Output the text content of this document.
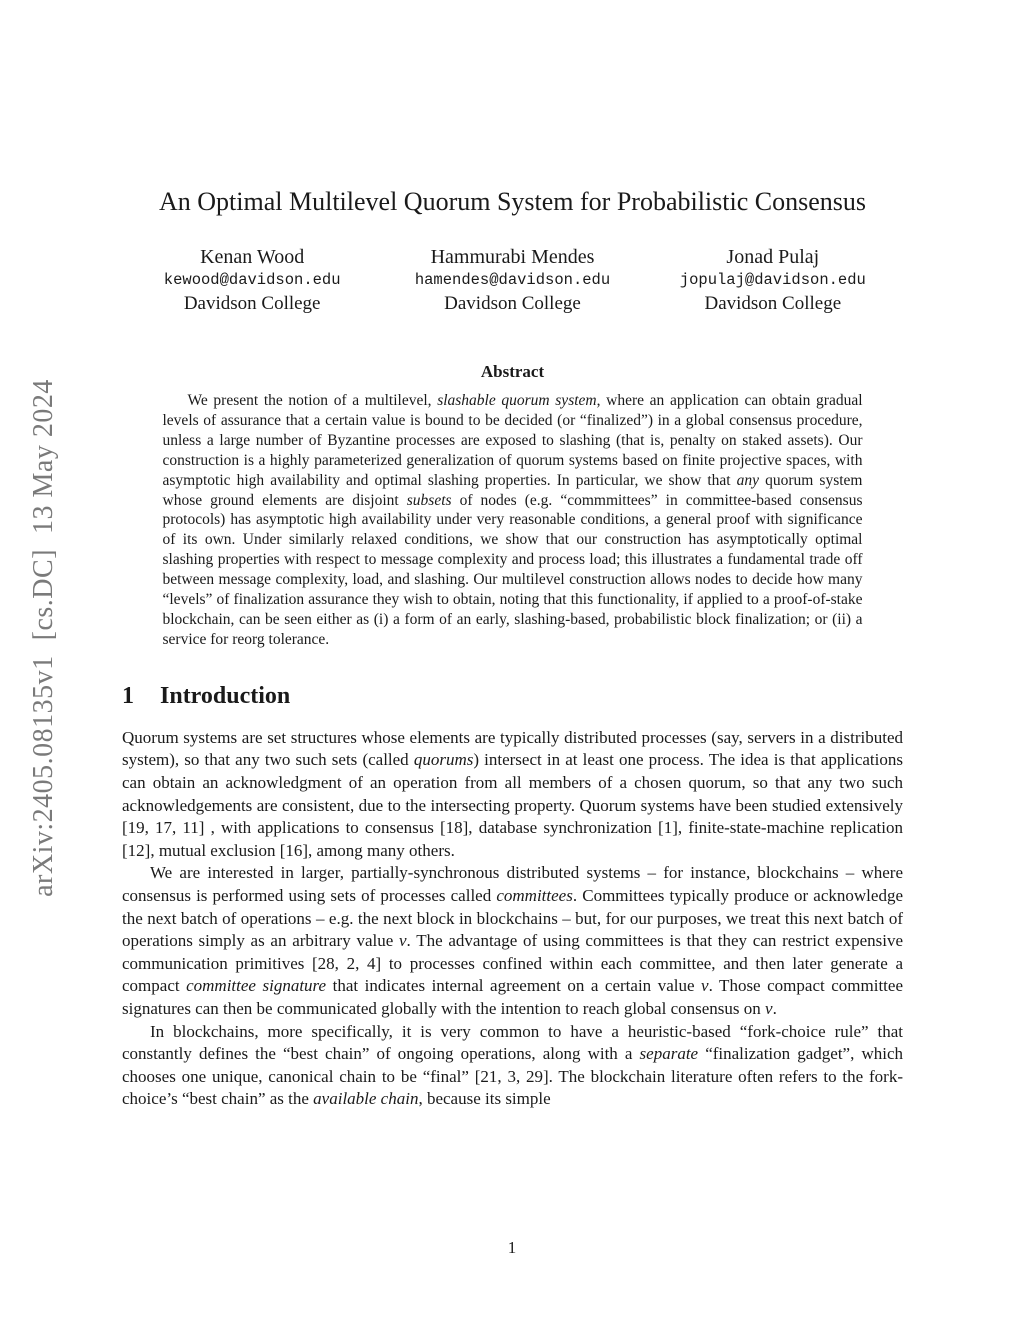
arXiv:2405.08135v1  [cs.DC]  13 May 2024
An Optimal Multilevel Quorum System for Probabilistic Consensus
Kenan Wood
kewood@davidson.edu
Davidson College
Hammurabi Mendes
hamendes@davidson.edu
Davidson College
Jonad Pulaj
jopulaj@davidson.edu
Davidson College
Abstract

We present the notion of a multilevel, slashable quorum system, where an application can obtain gradual levels of assurance that a certain value is bound to be decided (or “finalized”) in a global consensus procedure, unless a large number of Byzantine processes are exposed to slashing (that is, penalty on staked assets). Our construction is a highly parameterized generalization of quorum systems based on finite projective spaces, with asymptotic high availability and optimal slashing properties. In particular, we show that any quorum system whose ground elements are disjoint subsets of nodes (e.g. “commmittees” in committee-based consensus protocols) has asymptotic high availability under very reasonable conditions, a general proof with significance of its own. Under similarly relaxed conditions, we show that our construction has asymptotically optimal slashing properties with respect to message complexity and process load; this illustrates a fundamental trade off between message complexity, load, and slashing. Our multilevel construction allows nodes to decide how many “levels” of finalization assurance they wish to obtain, noting that this functionality, if applied to a proof-of-stake blockchain, can be seen either as (i) a form of an early, slashing-based, probabilistic block finalization; or (ii) a service for reorg tolerance.

1 Introduction

Quorum systems are set structures whose elements are typically distributed processes (say, servers in a distributed system), so that any two such sets (called quorums) intersect in at least one process. The idea is that applications can obtain an acknowledgment of an operation from all members of a chosen quorum, so that any two such acknowledgements are consistent, due to the intersecting property. Quorum systems have been studied extensively [19, 17, 11] , with applications to consensus [18], database synchronization [1], finite-state-machine replication [12], mutual exclusion [16], among many others.

We are interested in larger, partially-synchronous distributed systems – for instance, blockchains – where consensus is performed using sets of processes called committees. Committees typically produce or acknowledge the next batch of operations – e.g. the next block in blockchains – but, for our purposes, we treat this next batch of operations simply as an arbitrary value v. The advantage of using committees is that they can restrict expensive communication primitives [28, 2, 4] to processes confined within each committee, and then later generate a compact committee signature that indicates internal agreement on a certain value v. Those compact committee signatures can then be communicated globally with the intention to reach global consensus on v.

In blockchains, more specifically, it is very common to have a heuristic-based “fork-choice rule” that constantly defines the “best chain” of ongoing operations, along with a separate “finalization gadget”, which chooses one unique, canonical chain to be “final” [21, 3, 29]. The blockchain literature often refers to the fork-choice’s “best chain” as the available chain, because its simple

1
